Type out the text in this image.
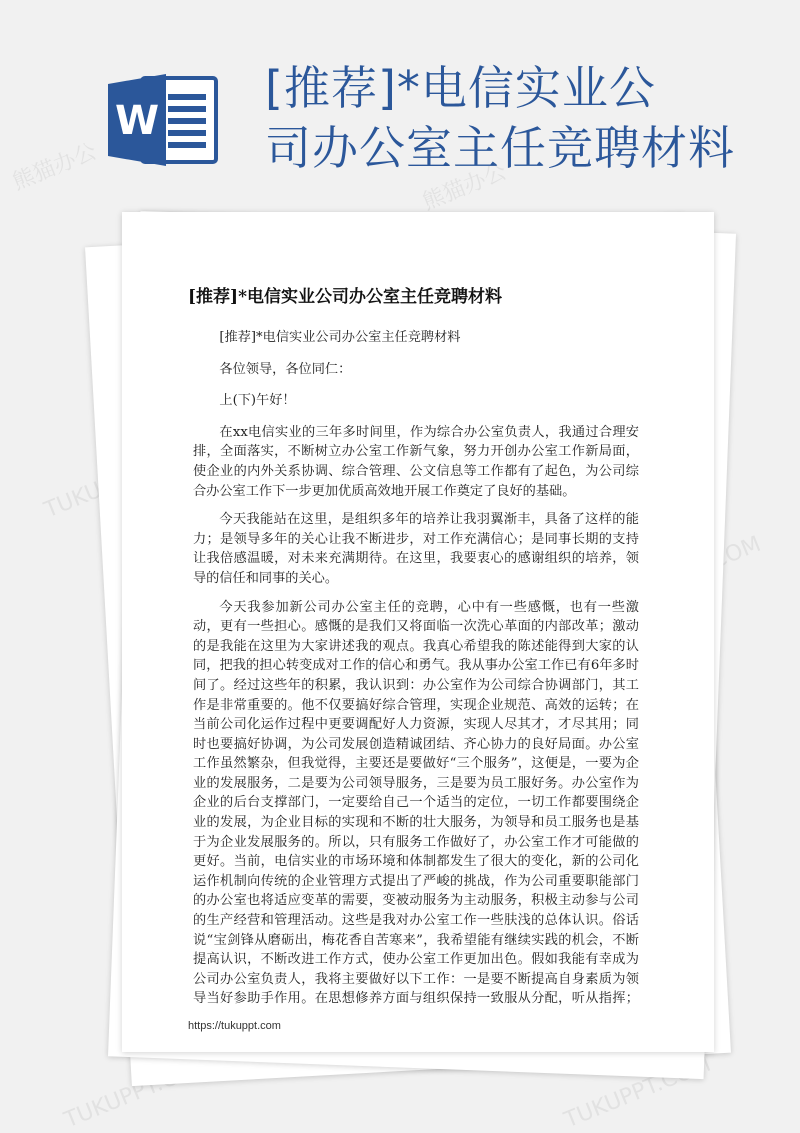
W
[推荐]*电信实业公
司办公室主任竞聘材料
熊猫办公	熊猫办公
TUKUPPT.COM	TUKUPPT.COM
[推荐]*电信实业公司办公室主任竞聘材料

[推荐]*电信实业公司办公室主任竞聘材料

各位领导，各位同仁：

上(下)午好！

在xx电信实业的三年多时间里，作为综合办公室负责人，我通过合理安排，全面落实，不断树立办公室工作新气象，努力开创办公室工作新局面，使企业的内外关系协调、综合管理、公文信息等工作都有了起色，为公司综合办公室工作下一步更加优质高效地开展工作奠定了良好的基础。

今天我能站在这里，是组织多年的培养让我羽翼渐丰，具备了这样的能力；是领导多年的关心让我不断进步，对工作充满信心；是同事长期的支持让我倍感温暖，对未来充满期待。在这里，我要衷心的感谢组织的培养，领导的信任和同事的关心。

今天我参加新公司办公室主任的竞聘，心中有一些感慨，也有一些激动，更有一些担心。感慨的是我们又将面临一次洗心革面的内部改革；激动的是我能在这里为大家讲述我的观点。我真心希望我的陈述能得到大家的认同，把我的担心转变成对工作的信心和勇气。我从事办公室工作已有6年多时间了。经过这些年的积累，我认识到：办公室作为公司综合协调部门，其工作是非常重要的。他不仅要搞好综合管理，实现企业规范、高效的运转；在当前公司化运作过程中更要调配好人力资源，实现人尽其才，才尽其用；同时也要搞好协调，为公司发展创造精诚团结、齐心协力的良好局面。办公室工作虽然繁杂，但我觉得，主要还是要做好“三个服务”，这便是，一要为企业的发展服务，二是要为公司领导服务，三是要为员工服好务。办公室作为企业的后台支撑部门，一定要给自己一个适当的定位，一切工作都要围绕企业的发展，为企业目标的实现和不断的壮大服务，为领导和员工服务也是基于为企业发展服务的。所以，只有服务工作做好了，办公室工作才可能做的更好。当前，电信实业的市场环境和体制都发生了很大的变化，新的公司化运作机制向传统的企业管理方式提出了严峻的挑战，作为公司重要职能部门的办公室也将适应变革的需要，变被动服务为主动服务，积极主动参与公司的生产经营和管理活动。这些是我对办公室工作一些肤浅的总体认识。俗话说“宝剑锋从磨砺出，梅花香自苦寒来”，我希望能有继续实践的机会，不断提高认识，不断改进工作方式，使办公室工作更加出色。假如我能有幸成为公司办公室负责人，我将主要做好以下工作：一是要不断提高自身素质为领导当好参助手作用。在思想修养方面与组织保持一致服从分配，听从指挥；

https://tukuppt.com
